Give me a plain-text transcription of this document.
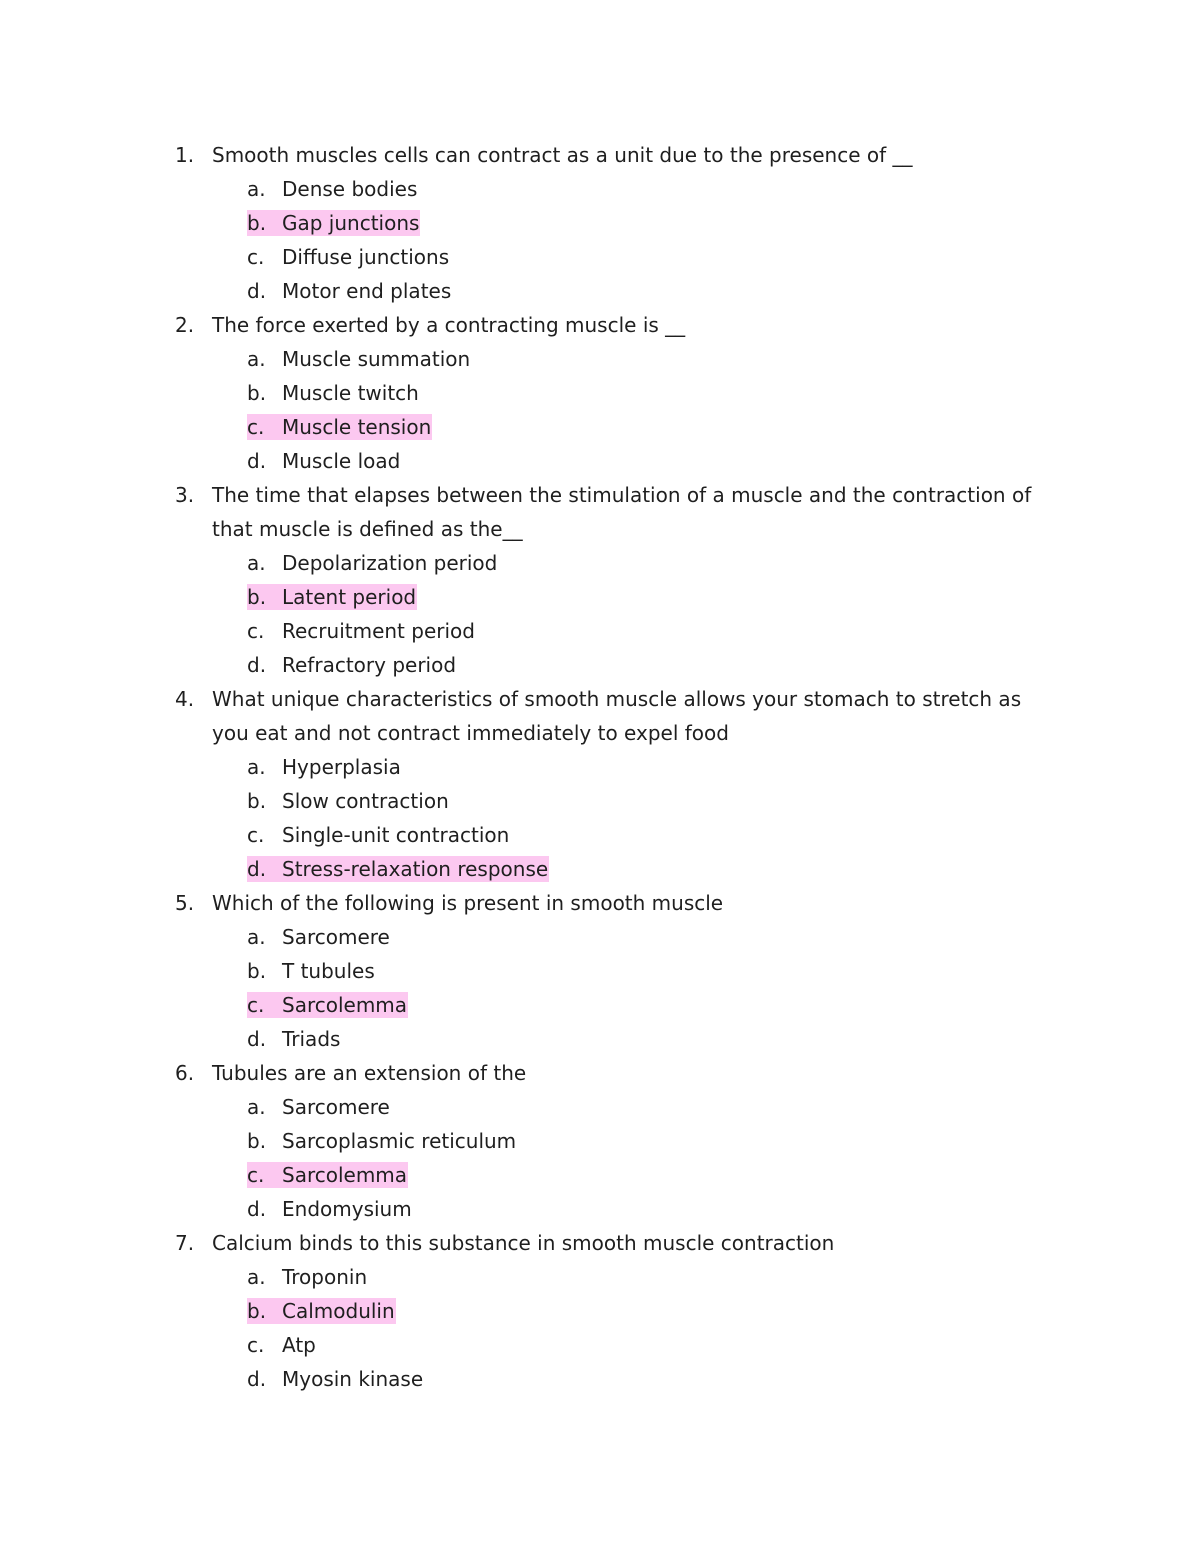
1. Smooth muscles cells can contract as a unit due to the presence of __
a. Dense bodies
b. Gap junctions
c. Diffuse junctions
d. Motor end plates
2. The force exerted by a contracting muscle is __
a. Muscle summation
b. Muscle twitch
c. Muscle tension
d. Muscle load
3. The time that elapses between the stimulation of a muscle and the contraction of that muscle is defined as the__
a. Depolarization period
b. Latent period
c. Recruitment period
d. Refractory period
4. What unique characteristics of smooth muscle allows your stomach to stretch as you eat and not contract immediately to expel food
a. Hyperplasia
b. Slow contraction
c. Single-unit contraction
d. Stress-relaxation response
5. Which of the following is present in smooth muscle
a. Sarcomere
b. T tubules
c. Sarcolemma
d. Triads
6. Tubules are an extension of the
a. Sarcomere
b. Sarcoplasmic reticulum
c. Sarcolemma
d. Endomysium
7. Calcium binds to this substance in smooth muscle contraction
a. Troponin
b. Calmodulin
c. Atp
d. Myosin kinase
